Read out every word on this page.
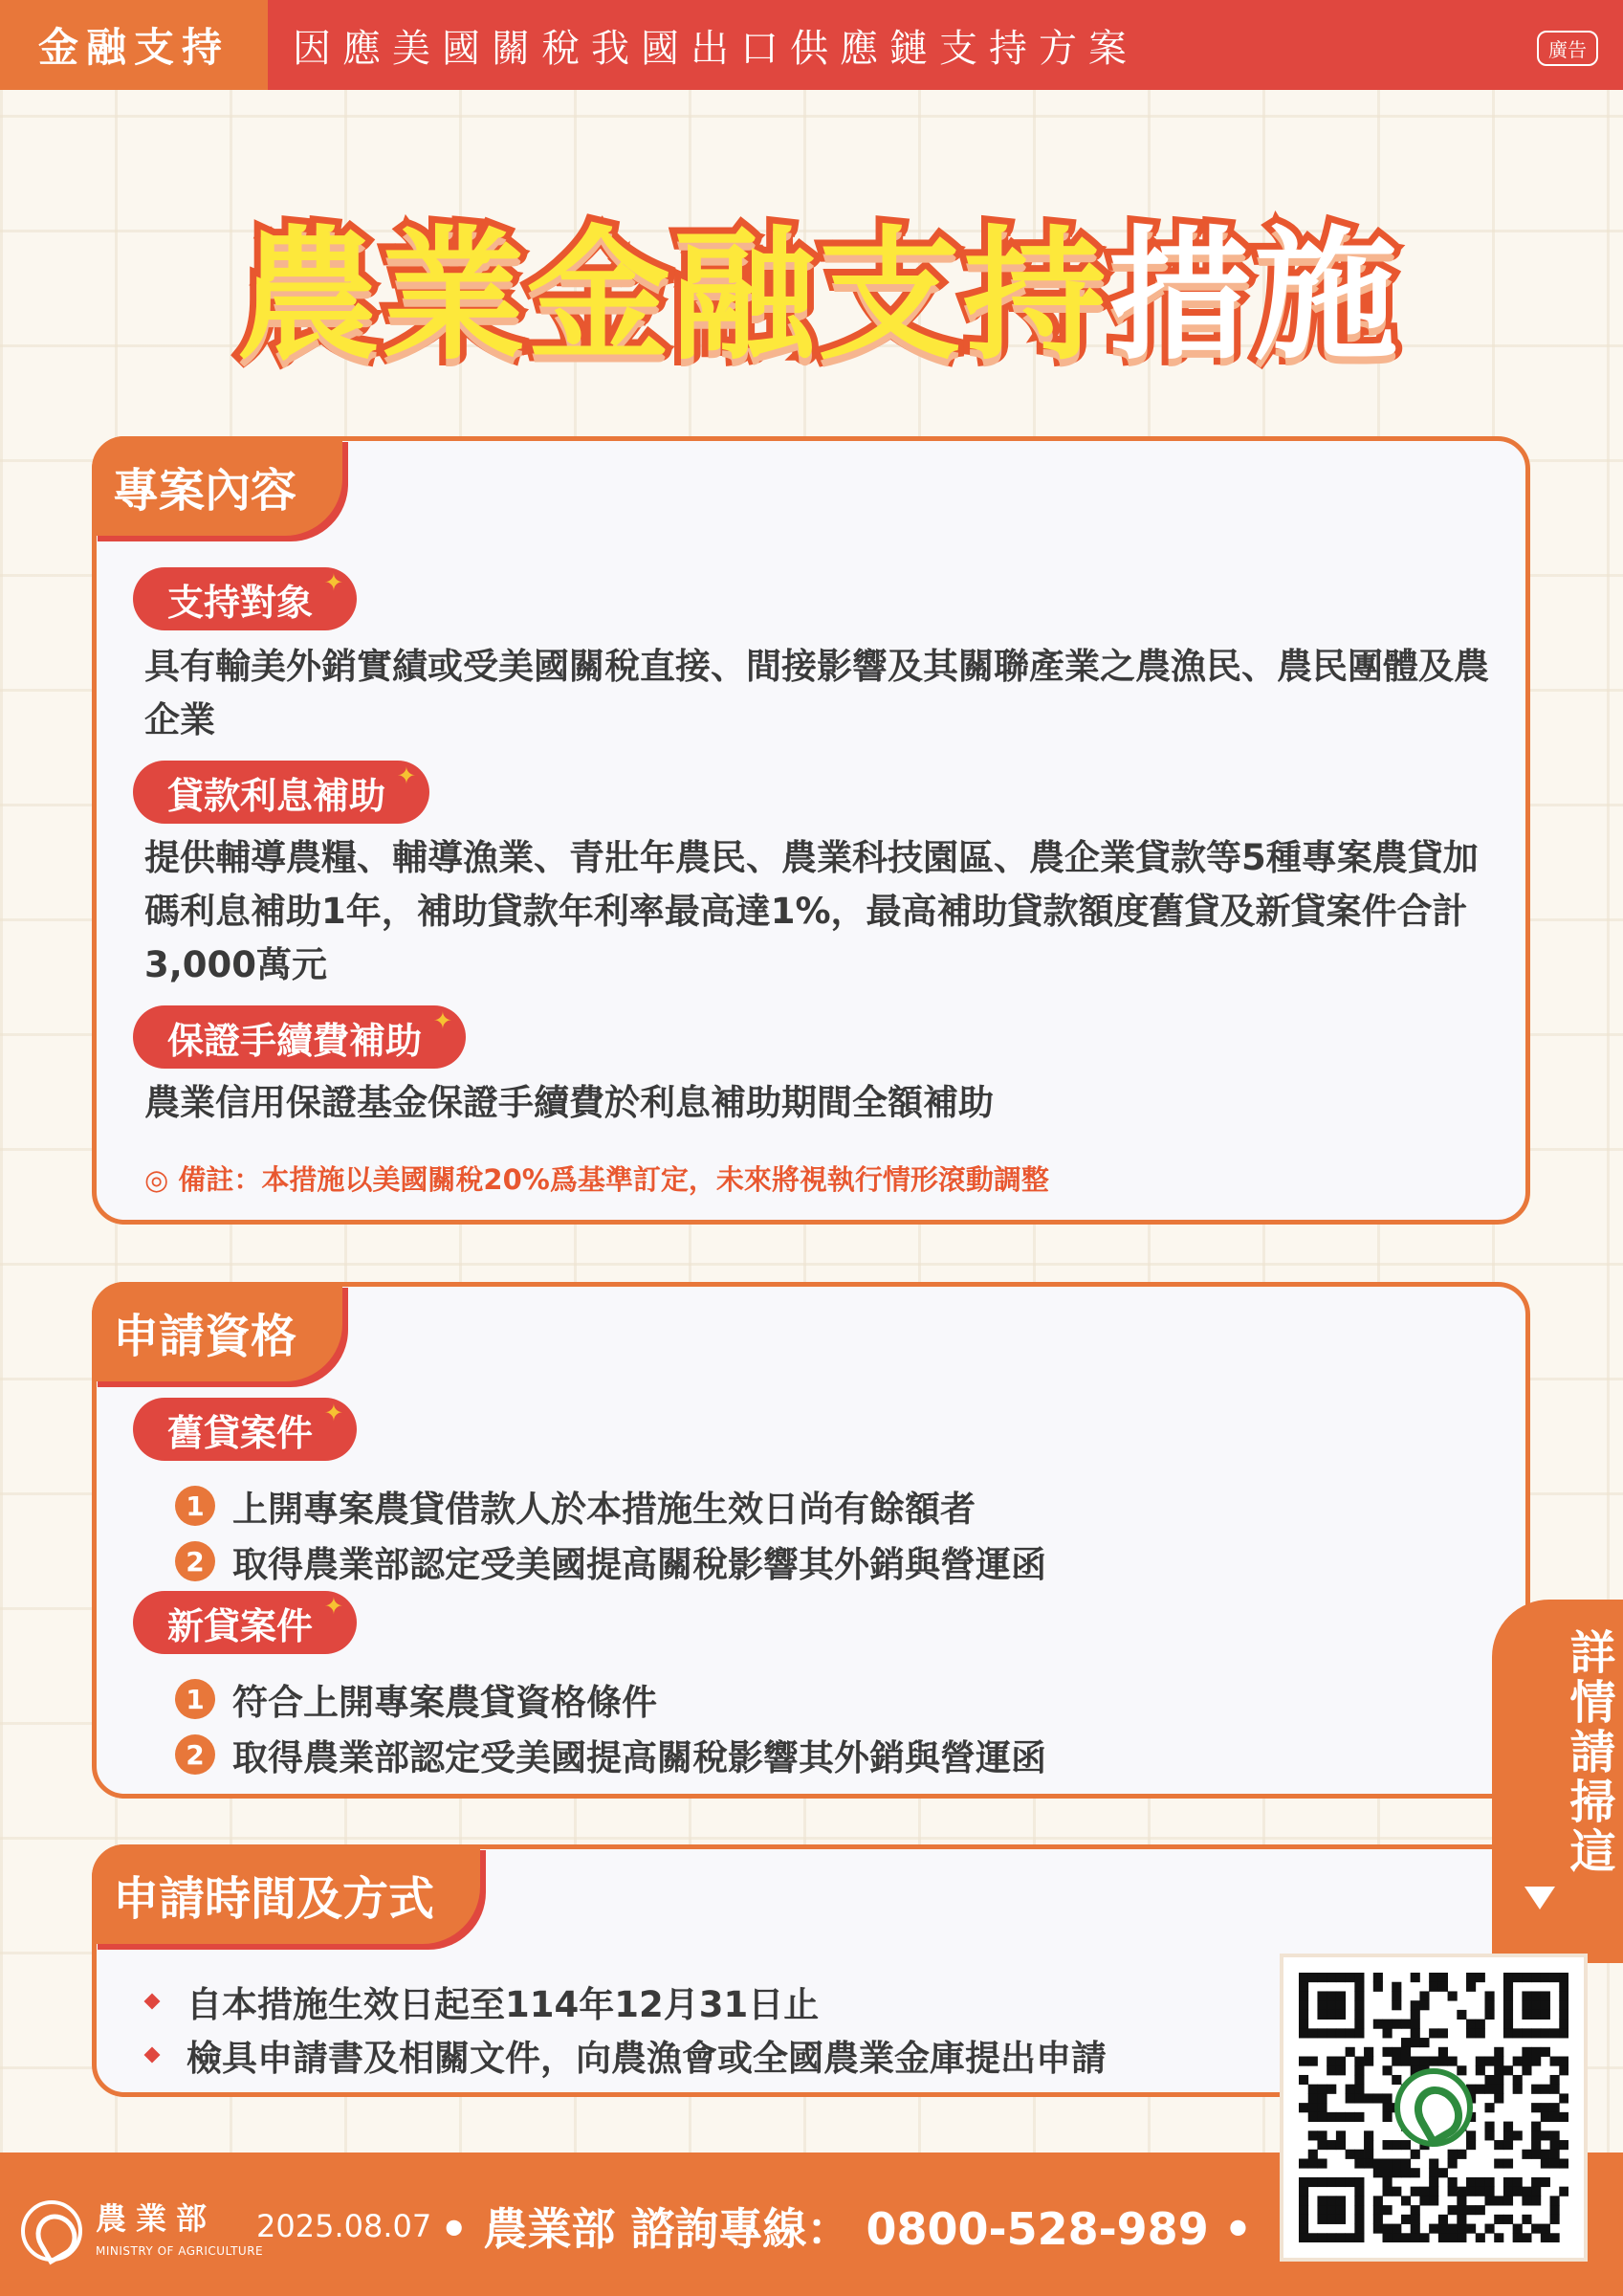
金融支持	因應美國關稅我國出口供應鏈支持方案	廣告
農業金融支持措施
專案內容
支持對象 ✦
具有輸美外銷實績或受美國關稅直接、間接影響及其關聯產業之農漁民、農民團體及農企業
貸款利息補助 ✦
提供輔導農糧、輔導漁業、青壯年農民、農業科技園區、農企業貸款等5種專案農貸加碼利息補助1年，補助貸款年利率最高達1%，最高補助貸款額度舊貸及新貸案件合計3,000萬元
保證手續費補助 ✦
農業信用保證基金保證手續費於利息補助期間全額補助
◎ 備註：本措施以美國關稅20%爲基準訂定，未來將視執行情形滾動調整
申請資格
舊貸案件 ✦
1 上開專案農貸借款人於本措施生效日尚有餘額者
2 取得農業部認定受美國提高關稅影響其外銷與營運函
新貸案件 ✦
1 符合上開專案農貸資格條件
2 取得農業部認定受美國提高關稅影響其外銷與營運函
申請時間及方式
自本措施生效日起至114年12月31日止
檢具申請書及相關文件，向農漁會或全國農業金庫提出申請
詳情請掃這
農業部
MINISTRY OF AGRICULTURE
2025.08.07 • 農業部 諮詢專線： 0800-528-989 •
